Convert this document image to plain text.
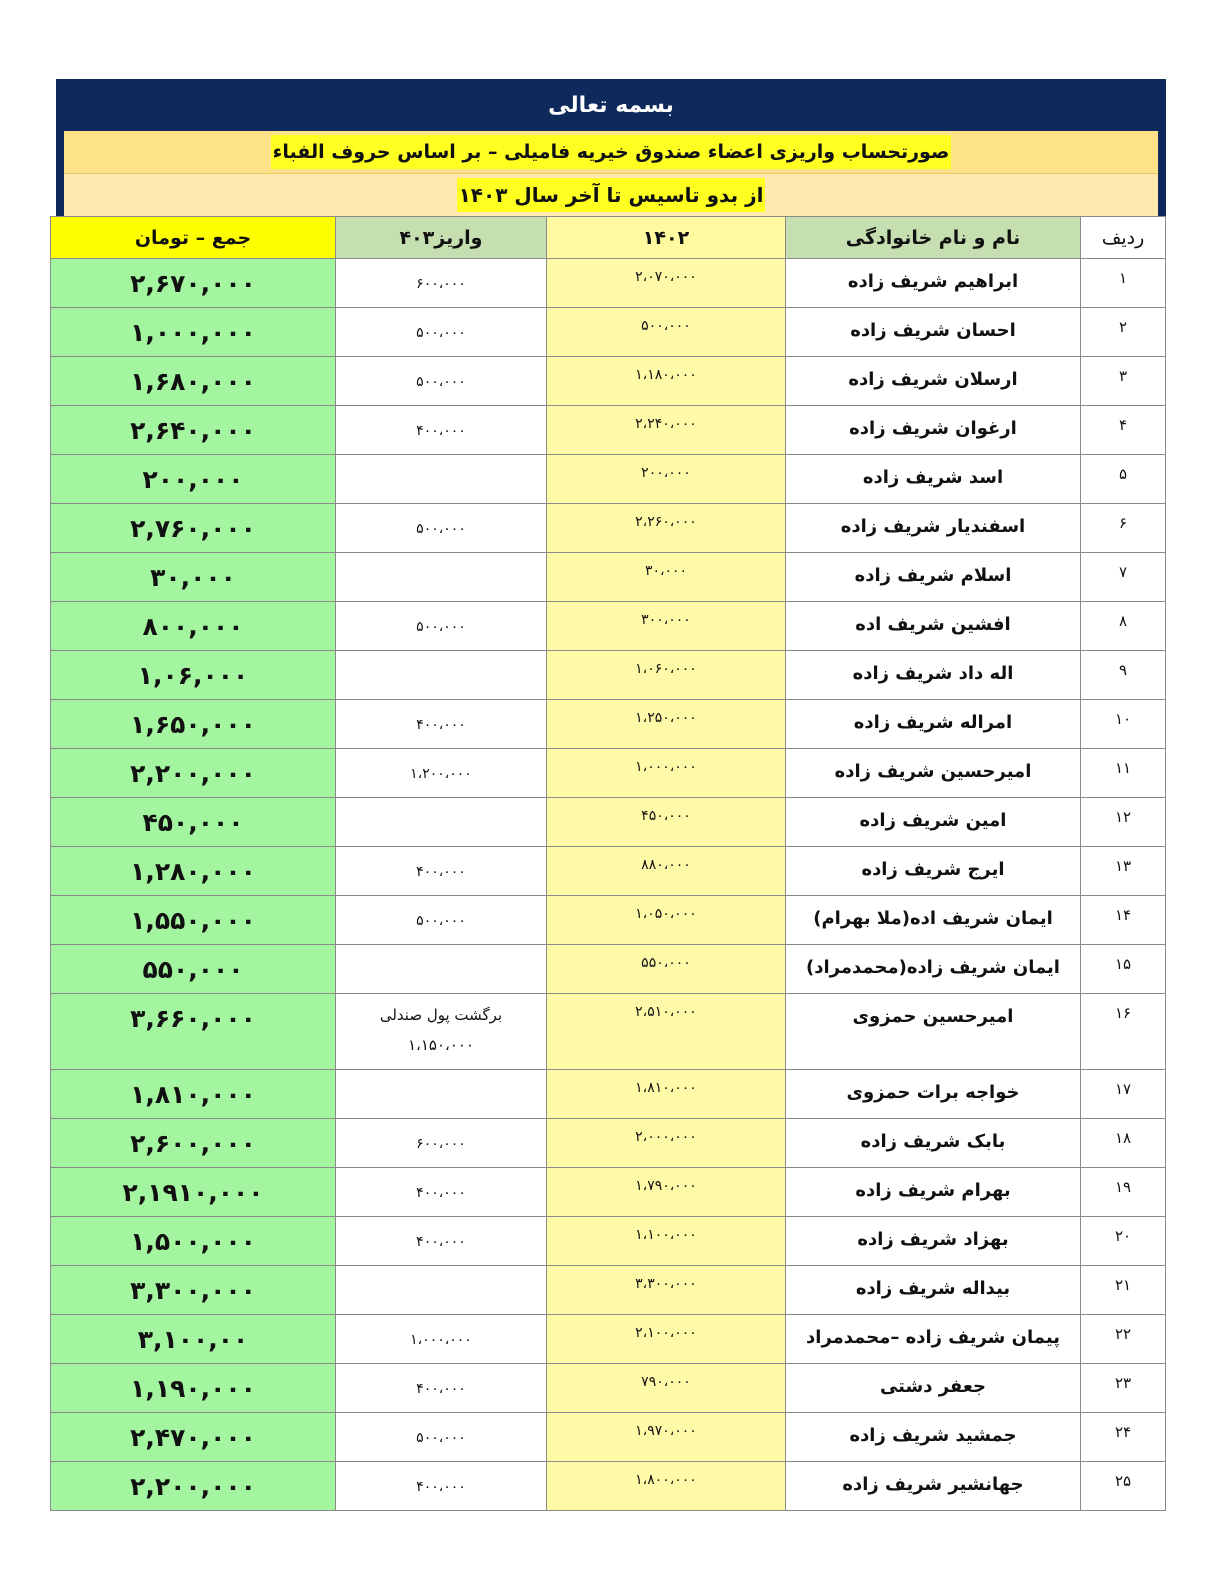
بسمه تعالی
صورتحساب واریزی اعضاء صندوق خیریه فامیلی – بر اساس حروف الفباء
از بدو تاسیس تا آخر سال ۱۴۰۳
ردیف	نام و نام خانوادگی	۱۴۰۲	واریز۴۰۳	جمع – تومان
۱	ابراهیم شریف زاده	۲،۰۷۰،۰۰۰	۶۰۰،۰۰۰	۲,۶۷۰,۰۰۰
۲	احسان شریف زاده	۵۰۰،۰۰۰	۵۰۰،۰۰۰	۱,۰۰۰,۰۰۰
۳	ارسلان شریف زاده	۱،۱۸۰،۰۰۰	۵۰۰،۰۰۰	۱,۶۸۰,۰۰۰
۴	ارغوان شریف زاده	۲،۲۴۰،۰۰۰	۴۰۰،۰۰۰	۲,۶۴۰,۰۰۰
۵	اسد شریف زاده	۲۰۰،۰۰۰		۲۰۰,۰۰۰
۶	اسفندیار شریف زاده	۲،۲۶۰،۰۰۰	۵۰۰،۰۰۰	۲,۷۶۰,۰۰۰
۷	اسلام شریف زاده	۳۰،۰۰۰		۳۰,۰۰۰
۸	افشین شریف اده	۳۰۰،۰۰۰	۵۰۰،۰۰۰	۸۰۰,۰۰۰
۹	اله داد شریف زاده	۱،۰۶۰،۰۰۰		۱,۰۶,۰۰۰
۱۰	امراله شریف زاده	۱،۲۵۰،۰۰۰	۴۰۰،۰۰۰	۱,۶۵۰,۰۰۰
۱۱	امیرحسین شریف زاده	۱،۰۰۰،۰۰۰	۱،۲۰۰،۰۰۰	۲,۲۰۰,۰۰۰
۱۲	امین شریف زاده	۴۵۰،۰۰۰		۴۵۰,۰۰۰
۱۳	ایرج شریف زاده	۸۸۰،۰۰۰	۴۰۰،۰۰۰	۱,۲۸۰,۰۰۰
۱۴	ایمان شریف اده(ملا بهرام)	۱،۰۵۰،۰۰۰	۵۰۰،۰۰۰	۱,۵۵۰,۰۰۰
۱۵	ایمان شریف زاده(محمدمراد)	۵۵۰،۰۰۰		۵۵۰,۰۰۰
۱۶	امیرحسین حمزوی	۲،۵۱۰،۰۰۰	برگشت پول صندلی
۱،۱۵۰،۰۰۰	۳,۶۶۰,۰۰۰
۱۷	خواجه برات حمزوی	۱،۸۱۰،۰۰۰		۱,۸۱۰,۰۰۰
۱۸	بابک شریف زاده	۲،۰۰۰،۰۰۰	۶۰۰،۰۰۰	۲,۶۰۰,۰۰۰
۱۹	بهرام شریف زاده	۱،۷۹۰،۰۰۰	۴۰۰،۰۰۰	۲,۱۹۱۰,۰۰۰
۲۰	بهزاد شریف زاده	۱،۱۰۰،۰۰۰	۴۰۰،۰۰۰	۱,۵۰۰,۰۰۰
۲۱	بیداله شریف زاده	۳،۳۰۰،۰۰۰		۳,۳۰۰,۰۰۰
۲۲	پیمان شریف زاده –محمدمراد	۲،۱۰۰،۰۰۰	۱،۰۰۰،۰۰۰	۳,۱۰۰,۰۰
۲۳	جعفر دشتی	۷۹۰،۰۰۰	۴۰۰،۰۰۰	۱,۱۹۰,۰۰۰
۲۴	جمشید شریف زاده	۱،۹۷۰،۰۰۰	۵۰۰،۰۰۰	۲,۴۷۰,۰۰۰
۲۵	جهانشیر شریف زاده	۱،۸۰۰،۰۰۰	۴۰۰،۰۰۰	۲,۲۰۰,۰۰۰
